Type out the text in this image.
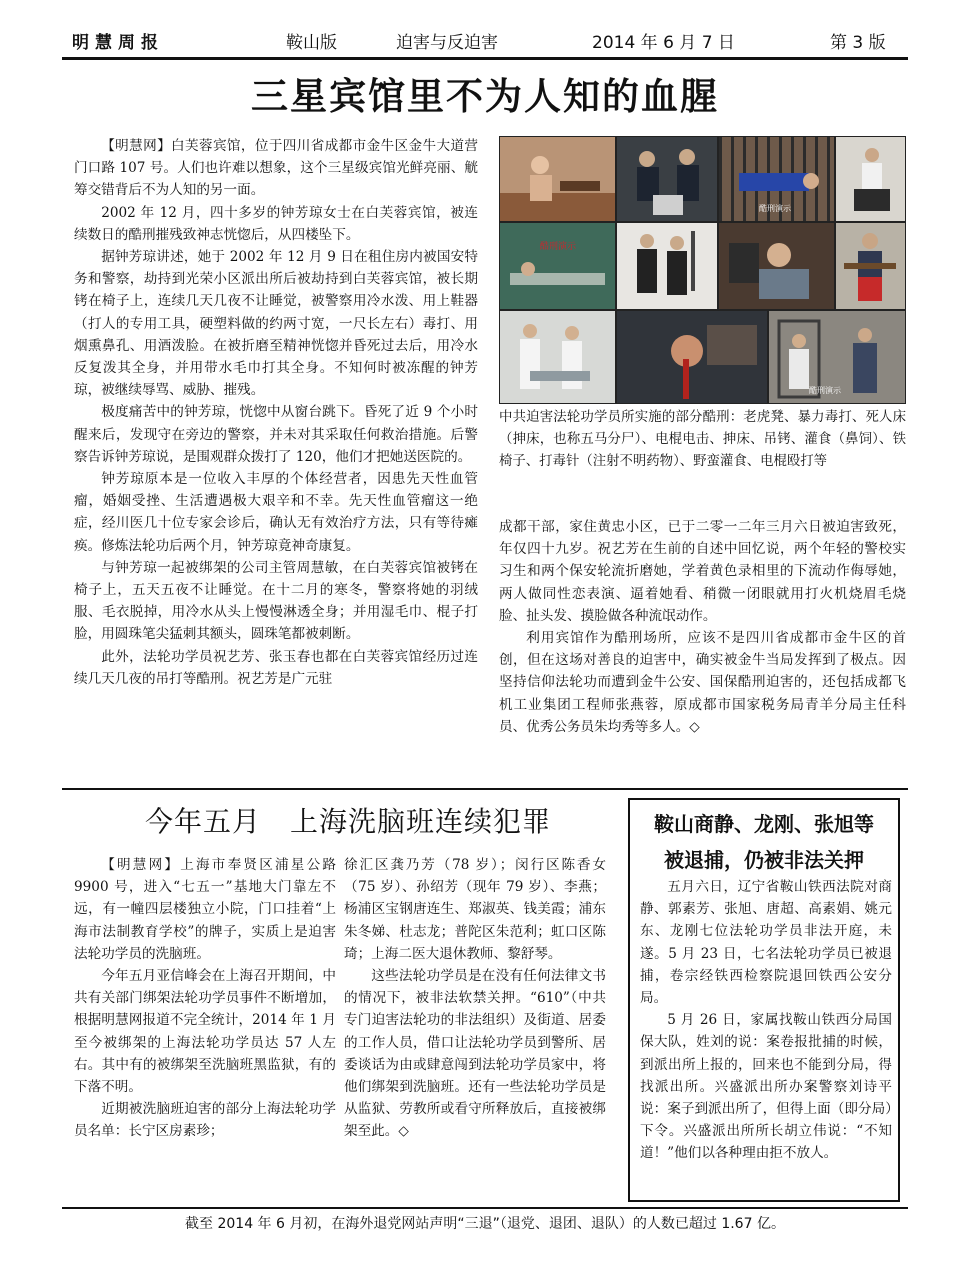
明慧周报	鞍山版	迫害与反迫害	2014 年 6 月 7 日	第 3 版
三星宾馆里不为人知的血腥

【明慧网】白芙蓉宾馆，位于四川省成都市金牛区金牛大道营门口路 107 号。人们也许难以想象，这个三星级宾馆光鲜亮丽、觥筹交错背后不为人知的另一面。

2002 年 12 月，四十多岁的钟芳琼女士在白芙蓉宾馆，被连续数日的酷刑摧残致神志恍惚后，从四楼坠下。

据钟芳琼讲述，她于 2002 年 12 月 9 日在租住房内被国安特务和警察，劫持到光荣小区派出所后被劫持到白芙蓉宾馆，被长期铐在椅子上，连续几天几夜不让睡觉，被警察用冷水泼、用上鞋器（打人的专用工具，硬塑料做的约两寸宽，一尺长左右）毒打、用烟熏鼻孔、用酒泼脸。在被折磨至精神恍惚并昏死过去后，用冷水反复泼其全身，并用带水毛巾打其全身。不知何时被冻醒的钟芳琼，被继续辱骂、威胁、摧残。

极度痛苦中的钟芳琼，恍惚中从窗台跳下。昏死了近 9 个小时醒来后，发现守在旁边的警察，并未对其采取任何救治措施。后警察告诉钟芳琼说，是围观群众拨打了 120，他们才把她送医院的。

钟芳琼原本是一位收入丰厚的个体经营者，因患先天性血管瘤，婚姻受挫、生活遭遇极大艰辛和不幸。先天性血管瘤这一绝症，经川医几十位专家会诊后，确认无有效治疗方法，只有等待瘫痪。修炼法轮功后两个月，钟芳琼竟神奇康复。

与钟芳琼一起被绑架的公司主管周慧敏，在白芙蓉宾馆被铐在椅子上，五天五夜不让睡觉。在十二月的寒冬，警察将她的羽绒服、毛衣脱掉，用冷水从头上慢慢淋透全身；并用湿毛巾、棍子打脸，用圆珠笔尖猛刺其额头，圆珠笔都被刺断。

此外，法轮功学员祝艺芳、张玉春也都在白芙蓉宾馆经历过连续几天几夜的吊打等酷刑。祝艺芳是广元驻

酷刑演示
酷刑演示
酷刑演示
中共迫害法轮功学员所实施的部分酷刑：老虎凳、暴力毒打、死人床（抻床，也称五马分尸）、电棍电击、抻床、吊铐、灌食（鼻饲）、铁椅子、打毒针（注射不明药物）、野蛮灌食、电棍殴打等

成都干部，家住黄忠小区，已于二零一二年三月六日被迫害致死，年仅四十九岁。祝艺芳在生前的自述中回忆说，两个年轻的警校实习生和两个保安轮流折磨她，学着黄色录相里的下流动作侮辱她，两人做同性恋表演、逼着她看、稍微一闭眼就用打火机烧眉毛烧脸、扯头发、摸脸做各种流氓动作。

利用宾馆作为酷刑场所，应该不是四川省成都市金牛区的首创，但在这场对善良的迫害中，确实被金牛当局发挥到了极点。因坚持信仰法轮功而遭到金牛公安、国保酷刑迫害的，还包括成都飞机工业集团工程师张燕蓉，原成都市国家税务局青羊分局主任科员、优秀公务员朱均秀等多人。◇

今年五月　上海洗脑班连续犯罪

【明慧网】上海市奉贤区浦星公路 9900 号，进入“七五一”基地大门靠左不远，有一幢四层楼独立小院，门口挂着“上海市法制教育学校”的牌子，实质上是迫害法轮功学员的洗脑班。

今年五月亚信峰会在上海召开期间，中共有关部门绑架法轮功学员事件不断增加，根据明慧网报道不完全统计，2014 年 1 月至今被绑架的上海法轮功学员达 57 人左右。其中有的被绑架至洗脑班黑监狱，有的下落不明。

近期被洗脑班迫害的部分上海法轮功学员名单：长宁区房素珍；

徐汇区龚乃芳（78 岁）；闵行区陈香女（75 岁）、孙绍芳（现年 79 岁）、李燕；杨浦区宝钢唐连生、郑淑英、钱美霞；浦东朱冬娣、杜志龙；普陀区朱范利；虹口区陈琦；上海二医大退休教师、黎舒琴。

这些法轮功学员是在没有任何法律文书的情况下，被非法软禁关押。“610”（中共专门迫害法轮功的非法组织）及街道、居委的工作人员，借口让法轮功学员到警所、居委谈话为由或肆意闯到法轮功学员家中，将他们绑架到洗脑班。还有一些法轮功学员是从监狱、劳教所或看守所释放后，直接被绑架至此。◇

鞍山商静、龙刚、张旭等
被退捕，仍被非法关押

五月六日，辽宁省鞍山铁西法院对商静、郭素芳、张旭、唐超、高素娟、姚元东、龙刚七位法轮功学员非法开庭，未遂。5 月 23 日，七名法轮功学员已被退捕，卷宗经铁西检察院退回铁西公安分局。

5 月 26 日，家属找鞍山铁西分局国保大队，姓刘的说：案卷报批捕的时候，到派出所上报的，回来也不能到分局，得找派出所。兴盛派出所办案警察刘诗平说：案子到派出所了，但得上面（即分局）下令。兴盛派出所所长胡立伟说：“不知道！”他们以各种理由拒不放人。

截至 2014 年 6 月初，在海外退党网站声明“三退”（退党、退团、退队）的人数已超过 1.67 亿。
